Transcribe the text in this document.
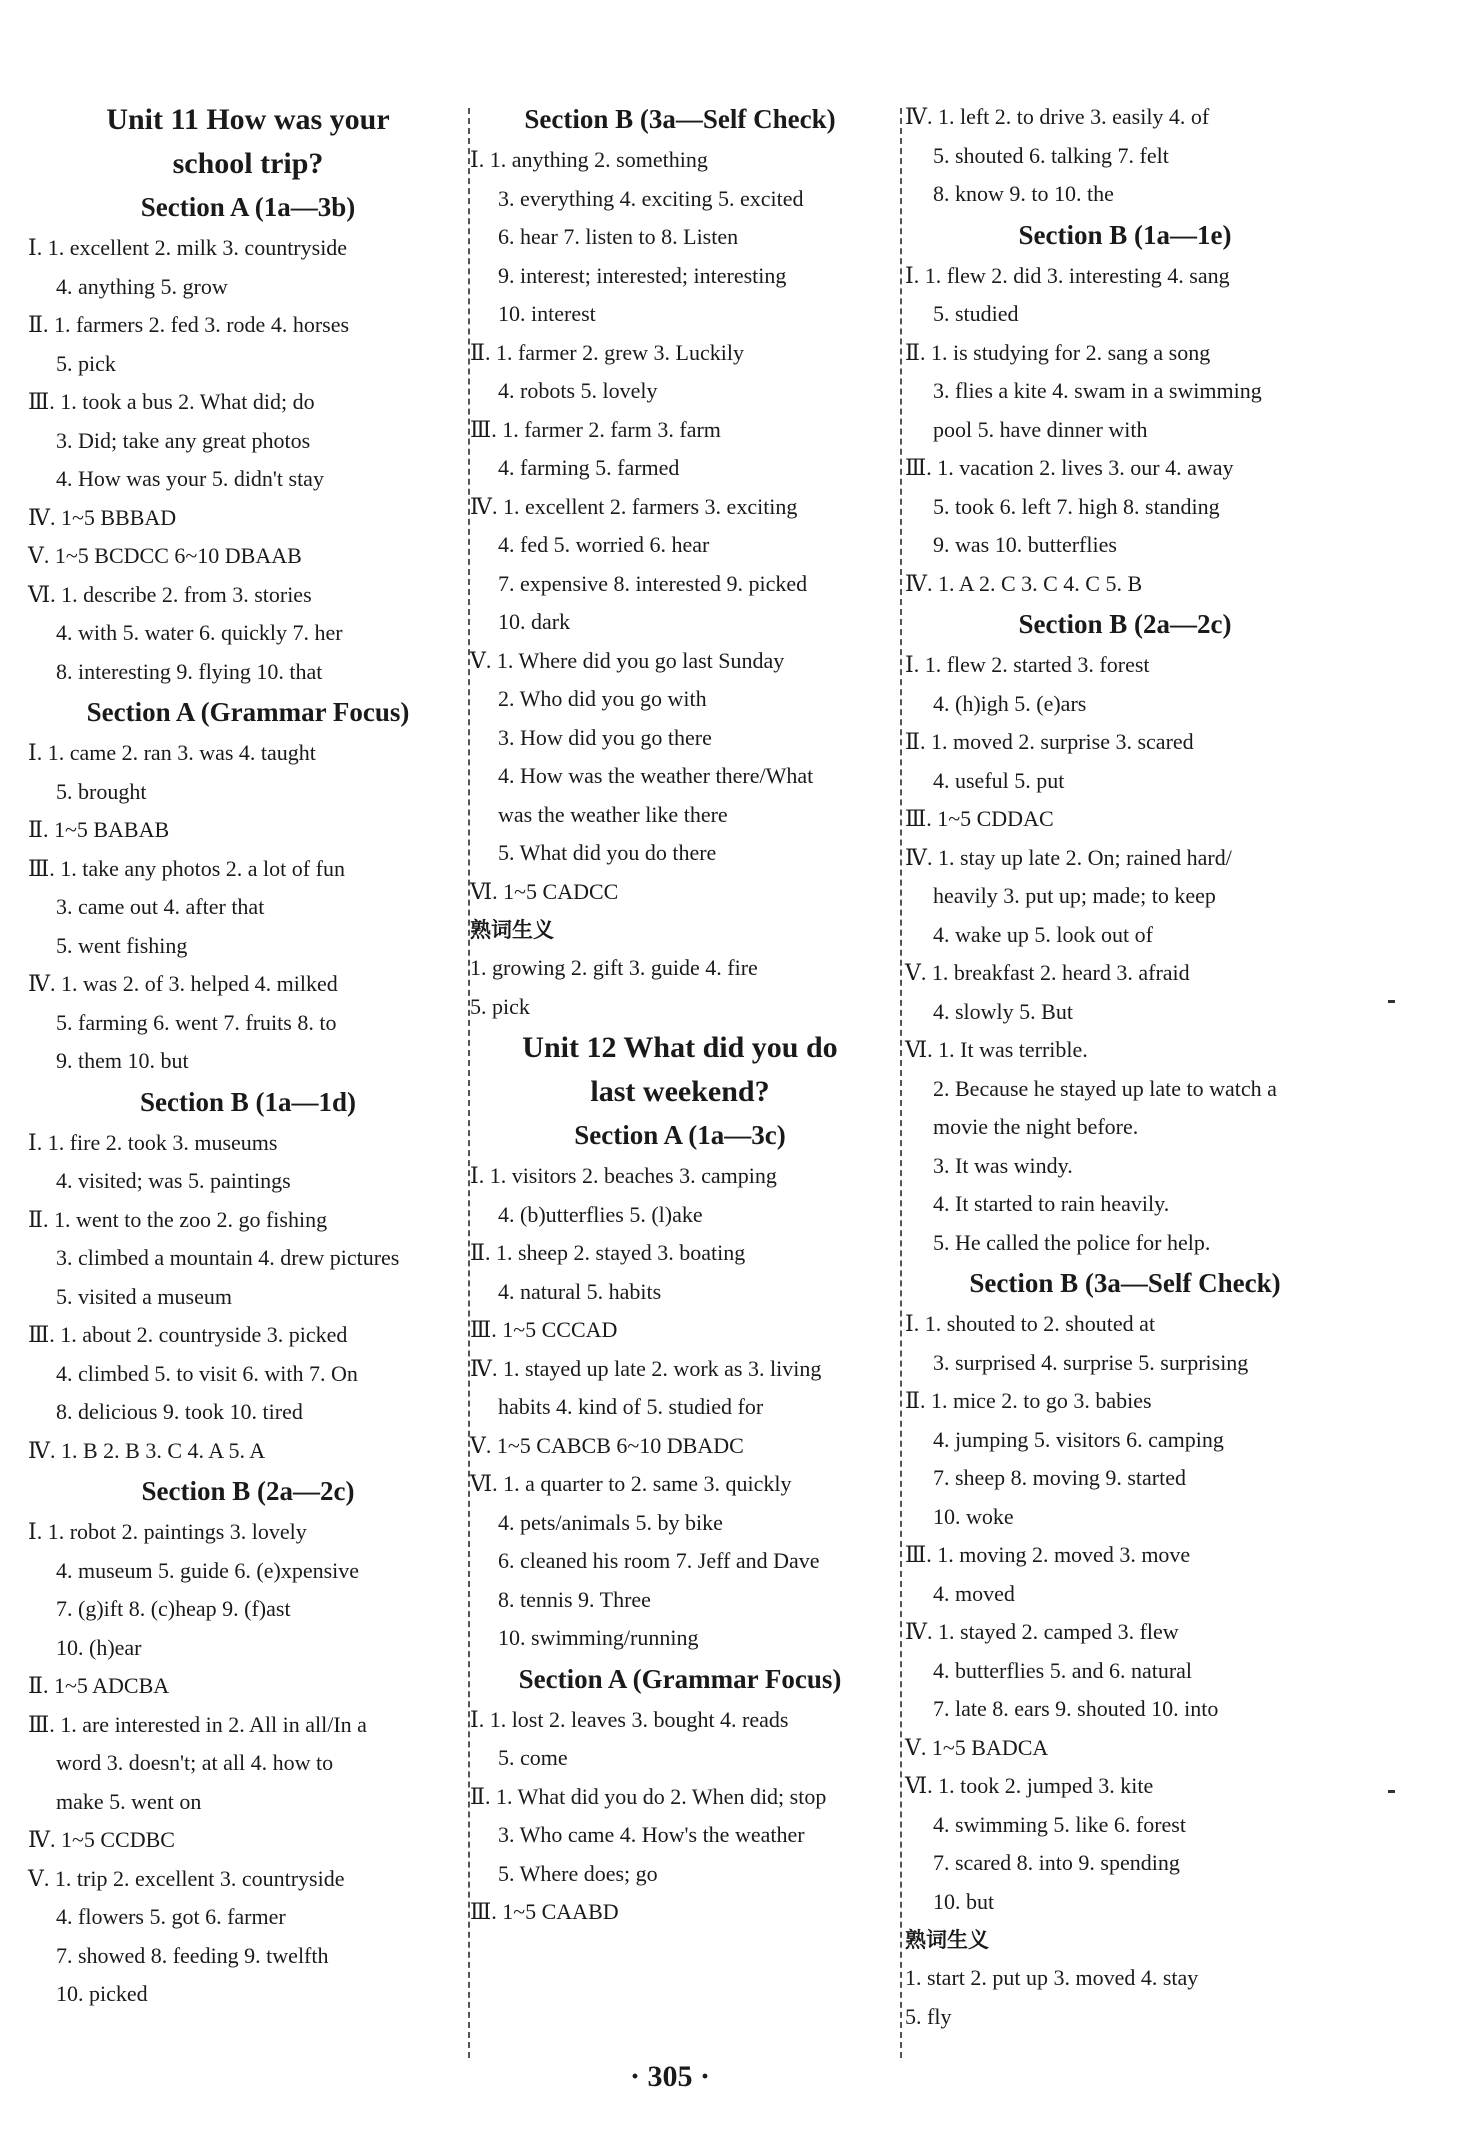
Unit 11 How was your
school trip?
Section A (1a—3b)
Ⅰ. 1. excellent 2. milk 3. countryside
4. anything 5. grow
Ⅱ. 1. farmers 2. fed 3. rode 4. horses
5. pick
Ⅲ. 1. took a bus 2. What did; do
3. Did; take any great photos
4. How was your 5. didn't stay
Ⅳ. 1~5 BBBAD
Ⅴ. 1~5 BCDCC 6~10 DBAAB
Ⅵ. 1. describe 2. from 3. stories
4. with 5. water 6. quickly 7. her
8. interesting 9. flying 10. that
Section A (Grammar Focus)
Ⅰ. 1. came 2. ran 3. was 4. taught
5. brought
Ⅱ. 1~5 BABAB
Ⅲ. 1. take any photos 2. a lot of fun
3. came out 4. after that
5. went fishing
Ⅳ. 1. was 2. of 3. helped 4. milked
5. farming 6. went 7. fruits 8. to
9. them 10. but
Section B (1a—1d)
Ⅰ. 1. fire 2. took 3. museums
4. visited; was 5. paintings
Ⅱ. 1. went to the zoo 2. go fishing
3. climbed a mountain 4. drew pictures
5. visited a museum
Ⅲ. 1. about 2. countryside 3. picked
4. climbed 5. to visit 6. with 7. On
8. delicious 9. took 10. tired
Ⅳ. 1. B 2. B 3. C 4. A 5. A
Section B (2a—2c)
Ⅰ. 1. robot 2. paintings 3. lovely
4. museum 5. guide 6. (e)xpensive
7. (g)ift 8. (c)heap 9. (f)ast
10. (h)ear
Ⅱ. 1~5 ADCBA
Ⅲ. 1. are interested in 2. All in all/In a
word 3. doesn't; at all 4. how to
make 5. went on
Ⅳ. 1~5 CCDBC
Ⅴ. 1. trip 2. excellent 3. countryside
4. flowers 5. got 6. farmer
7. showed 8. feeding 9. twelfth
10. picked
Section B (3a—Self Check)
Ⅰ. 1. anything 2. something
3. everything 4. exciting 5. excited
6. hear 7. listen to 8. Listen
9. interest; interested; interesting
10. interest
Ⅱ. 1. farmer 2. grew 3. Luckily
4. robots 5. lovely
Ⅲ. 1. farmer 2. farm 3. farm
4. farming 5. farmed
Ⅳ. 1. excellent 2. farmers 3. exciting
4. fed 5. worried 6. hear
7. expensive 8. interested 9. picked
10. dark
Ⅴ. 1. Where did you go last Sunday
2. Who did you go with
3. How did you go there
4. How was the weather there/What
was the weather like there
5. What did you do there
Ⅵ. 1~5 CADCC
熟词生义
1. growing 2. gift 3. guide 4. fire
5. pick
Unit 12 What did you do
last weekend?
Section A (1a—3c)
Ⅰ. 1. visitors 2. beaches 3. camping
4. (b)utterflies 5. (l)ake
Ⅱ. 1. sheep 2. stayed 3. boating
4. natural 5. habits
Ⅲ. 1~5 CCCAD
Ⅳ. 1. stayed up late 2. work as 3. living
habits 4. kind of 5. studied for
Ⅴ. 1~5 CABCB 6~10 DBADC
Ⅵ. 1. a quarter to 2. same 3. quickly
4. pets/animals 5. by bike
6. cleaned his room 7. Jeff and Dave
8. tennis 9. Three
10. swimming/running
Section A (Grammar Focus)
Ⅰ. 1. lost 2. leaves 3. bought 4. reads
5. come
Ⅱ. 1. What did you do 2. When did; stop
3. Who came 4. How's the weather
5. Where does; go
Ⅲ. 1~5 CAABD
Ⅳ. 1. left 2. to drive 3. easily 4. of
5. shouted 6. talking 7. felt
8. know 9. to 10. the
Section B (1a—1e)
Ⅰ. 1. flew 2. did 3. interesting 4. sang
5. studied
Ⅱ. 1. is studying for 2. sang a song
3. flies a kite 4. swam in a swimming
pool 5. have dinner with
Ⅲ. 1. vacation 2. lives 3. our 4. away
5. took 6. left 7. high 8. standing
9. was 10. butterflies
Ⅳ. 1. A 2. C 3. C 4. C 5. B
Section B (2a—2c)
Ⅰ. 1. flew 2. started 3. forest
4. (h)igh 5. (e)ars
Ⅱ. 1. moved 2. surprise 3. scared
4. useful 5. put
Ⅲ. 1~5 CDDAC
Ⅳ. 1. stay up late 2. On; rained hard/
heavily 3. put up; made; to keep
4. wake up 5. look out of
Ⅴ. 1. breakfast 2. heard 3. afraid
4. slowly 5. But
Ⅵ. 1. It was terrible.
2. Because he stayed up late to watch a
movie the night before.
3. It was windy.
4. It started to rain heavily.
5. He called the police for help.
Section B (3a—Self Check)
Ⅰ. 1. shouted to 2. shouted at
3. surprised 4. surprise 5. surprising
Ⅱ. 1. mice 2. to go 3. babies
4. jumping 5. visitors 6. camping
7. sheep 8. moving 9. started
10. woke
Ⅲ. 1. moving 2. moved 3. move
4. moved
Ⅳ. 1. stayed 2. camped 3. flew
4. butterflies 5. and 6. natural
7. late 8. ears 9. shouted 10. into
Ⅴ. 1~5 BADCA
Ⅵ. 1. took 2. jumped 3. kite
4. swimming 5. like 6. forest
7. scared 8. into 9. spending
10. but
熟词生义
1. start 2. put up 3. moved 4. stay
5. fly
· 305 ·
